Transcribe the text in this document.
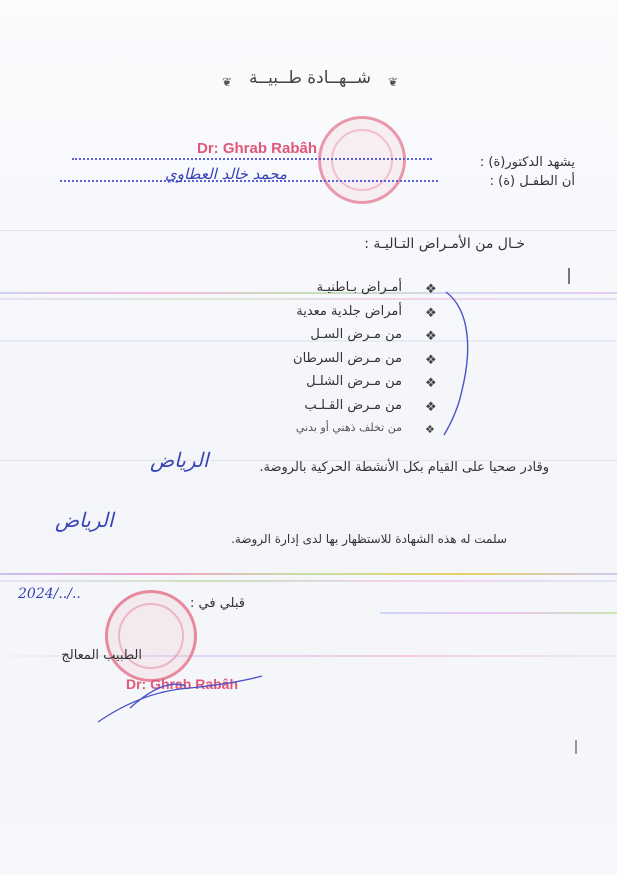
شــهــادة طــبيــة
❦	❦
Dr: Ghrab Rabâh
يشهد الدكتور(ة) :
أن الطفـل (ة) :
محمد خالد العطاوي
خـال من الأمـراض التـاليـة :
أمـراض بـاطنيـة
أمراض جلدية معدية
من مـرض السـل
من مـرض السرطان
من مـرض الشلـل
من مـرض القـلـب
من تخلف ذهني أو بدني
❖
❖
❖
❖
❖
❖
❖
وقادر صحيا على القيام بكل الأنشطة الحركية بالروضة.
الرياض
سلمت له هذه الشهادة للاستظهار بها لدى إدارة الروضة.
الرياض
قبلي في :
2024/../..
Dr: Ghrab Rabâh
الطبيب المعالج
